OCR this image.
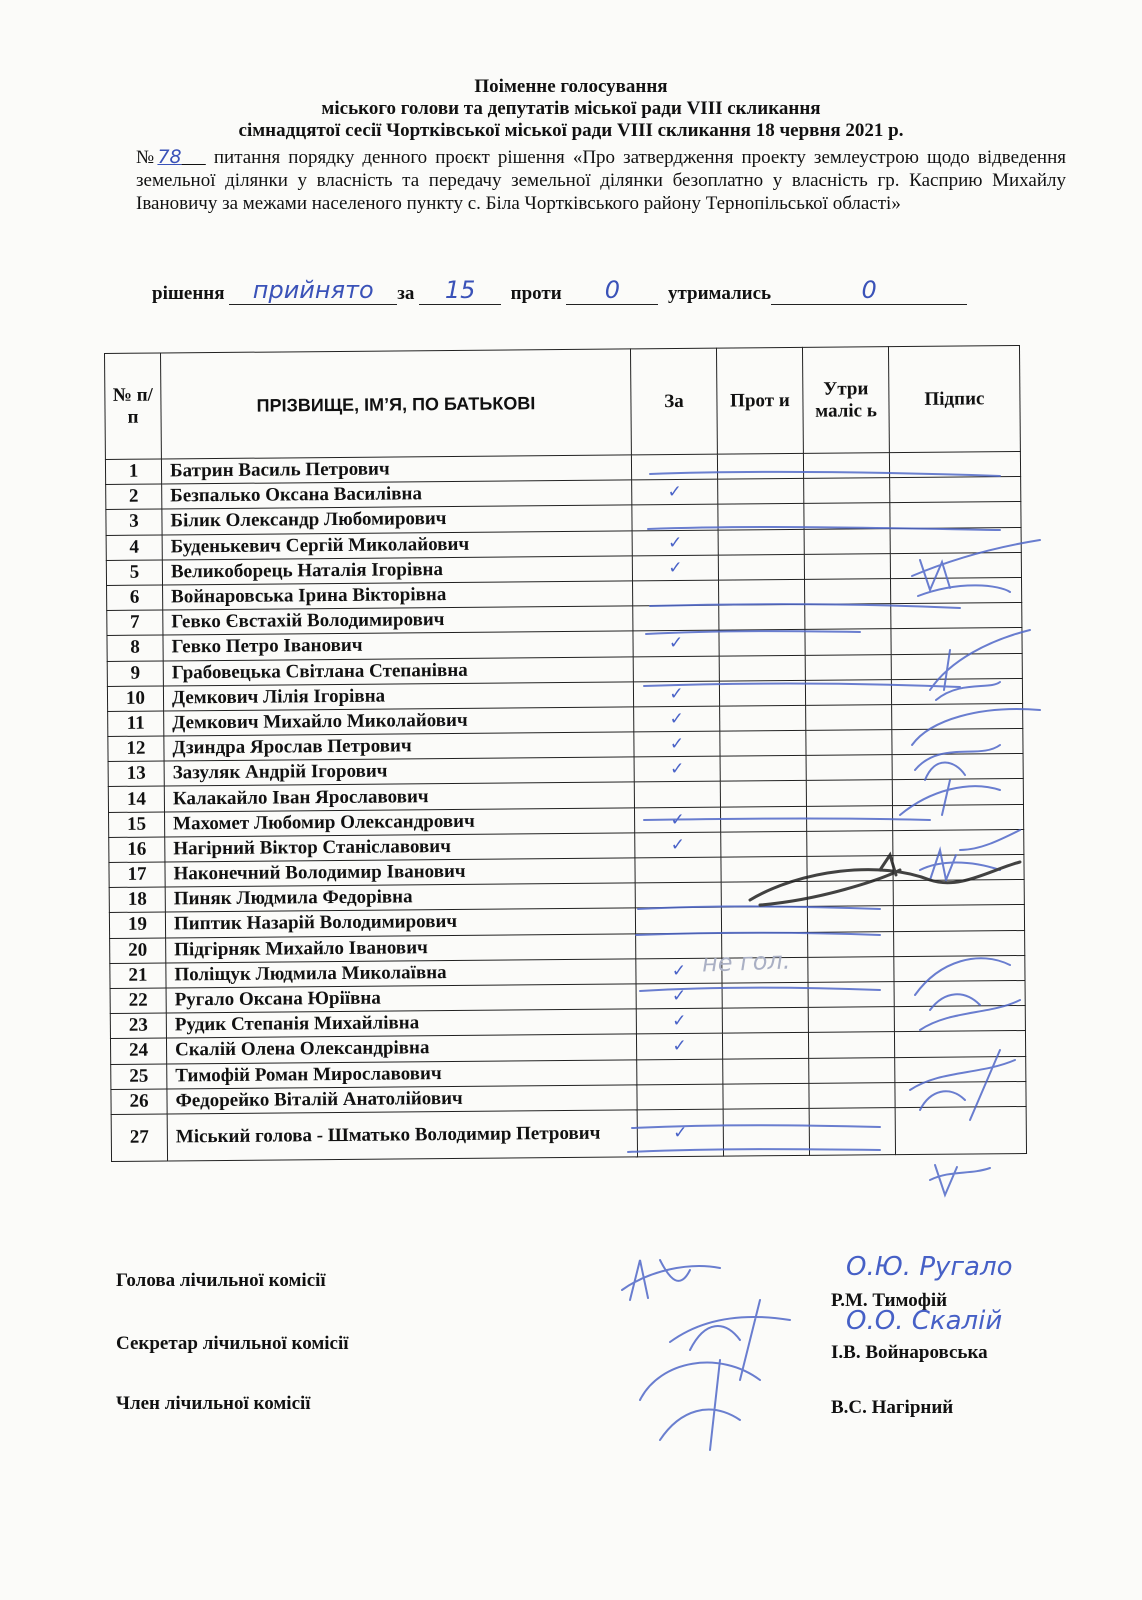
Поіменне голосування
міського голови та депутатів міської ради VIII скликання
сімнадцятої сесії Чортківської міської ради VIII скликання 18 червня 2021 р.
№78 питання порядку денного проєкт рішення «Про затвердження проекту землеустрою щодо відведення земельної ділянки у власність та передачу земельної ділянки безоплатно у власність гр. Касприю Михайлу Івановичу за межами населеного пункту с. Біла Чортківського району Тернопільської області»
рішення прийнято за 15 проти 0	утримались	0
№ п/п	ПРІЗВИЩЕ, ІМ’Я, ПО БАТЬКОВІ	За	Прот и	Утри маліс ь	Підпис
1	Батрин Василь Петрович				
2	Безпалько Оксана Василівна	✓			
3	Білик Олександр Любомирович				
4	Буденькевич Сергій Миколайович	✓			
5	Великоборець Наталія Ігорівна	✓			
6	Войнаровська Ірина Вікторівна				
7	Гевко Євстахій Володимирович				
8	Гевко Петро Іванович	✓			
9	Грабовецька Світлана Степанівна				
10	Демкович Лілія Ігорівна	✓			
11	Демкович Михайло Миколайович	✓			
12	Дзиндра Ярослав Петрович	✓			
13	Зазуляк Андрій Ігорович	✓			
14	Калакайло Іван Ярославович				
15	Махомет Любомир Олександрович	✓			
16	Нагірний Віктор Станіславович	✓			
17	Наконечний Володимир Іванович				
18	Пиняк Людмила Федорівна				
19	Пиптик Назарій Володимирович				
20	Підгірняк Михайло Іванович				
21	Поліщук Людмила Миколаївна	✓			
22	Ругало Оксана Юріївна	✓			
23	Рудик Степанія Михайлівна	✓			
24	Скалій Олена Олександрівна	✓			
25	Тимофій Роман Мирославович				
26	Федорейко Віталій Анатолійович				
27	Міський голова - Шматько Володимир Петрович	✓			
не гол.
Голова лічильної комісії
Р.М. Тимофій
О.Ю. Ругало
Секретар лічильної комісії	І.В. Войнаровська
О.О. Скалій
Член лічильної комісії	В.С. Нагірний
